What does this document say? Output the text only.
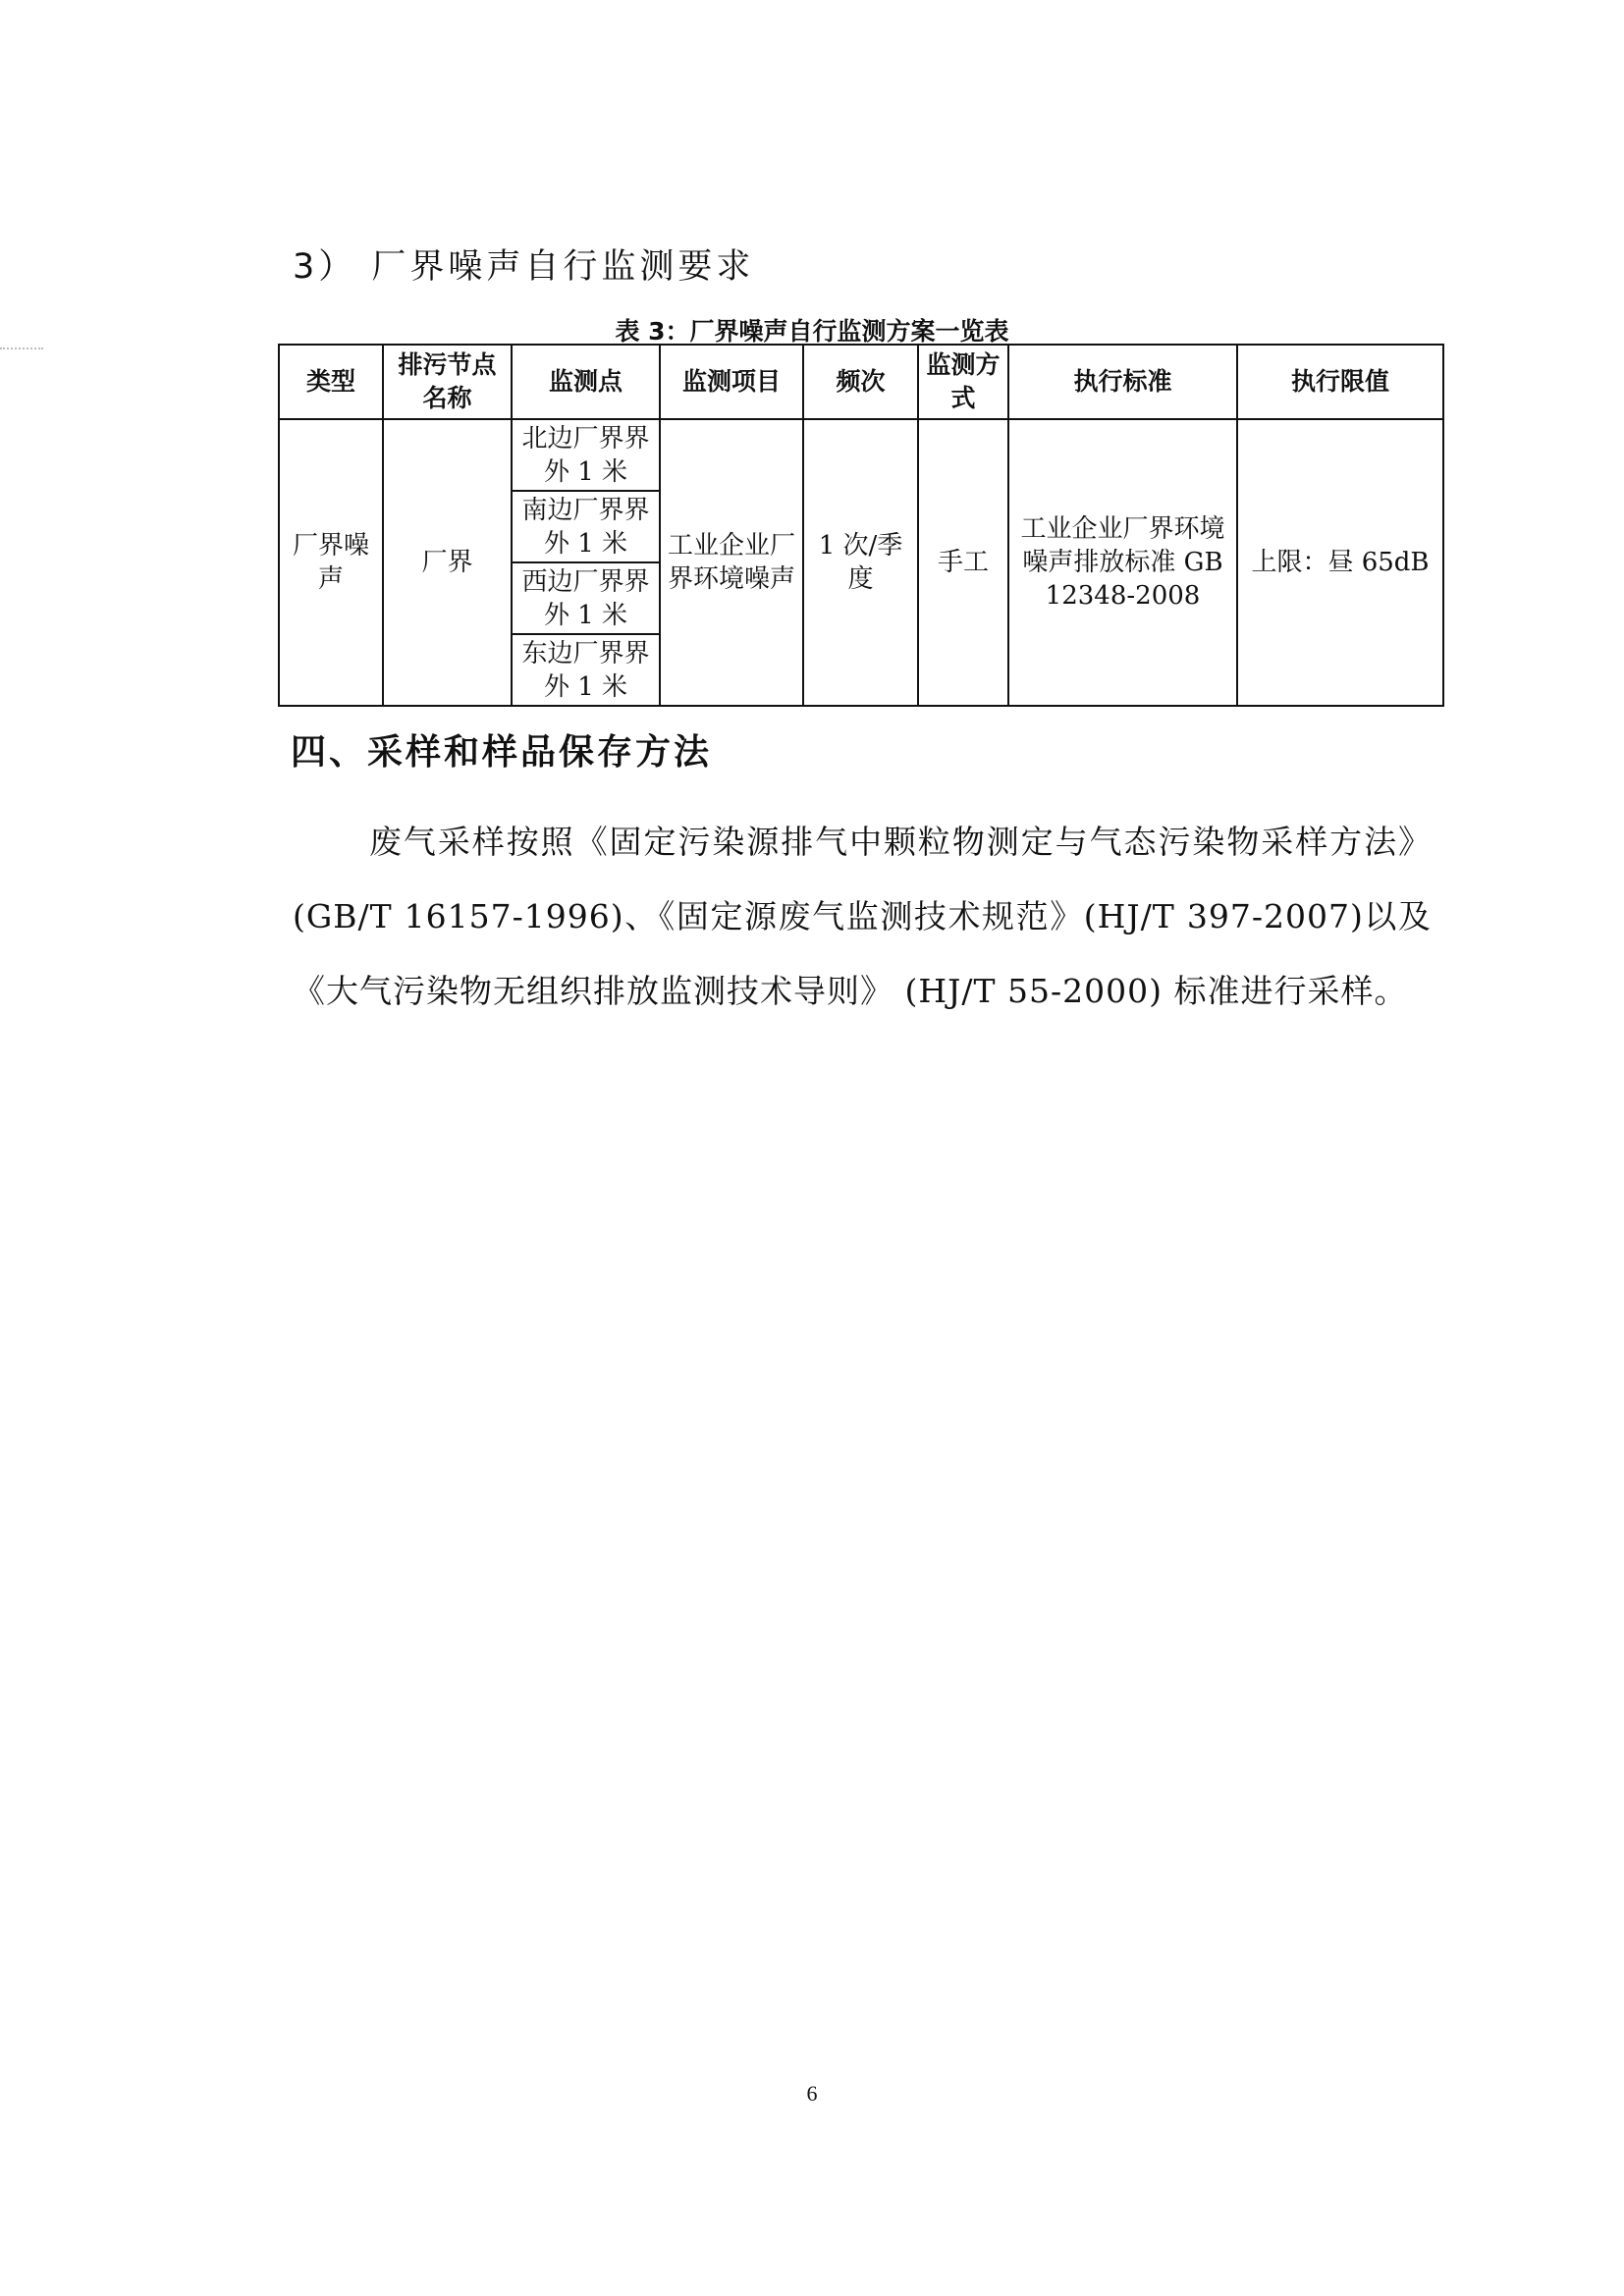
3） 厂界噪声自行监测要求
表 3：厂界噪声自行监测方案一览表
类型	排污节点名称	监测点	监测项目	频次	监测方式	执行标准	执行限值
厂界噪声	厂界	北边厂界界外 1 米	工业企业厂界环境噪声	1 次/季度	手工	工业企业厂界环境噪声排放标准 GB 12348-2008	上限：昼 65dB
		南边厂界界外 1 米					
		西边厂界界外 1 米					
		东边厂界界外 1 米					
四、采样和样品保存方法
废气采样按照《固定污染源排气中颗粒物测定与气态污染物采样方法》(GB/T 16157-1996)、《固定源废气监测技术规范》(HJ/T 397-2007)以及《大气污染物无组织排放监测技术导则》 (HJ/T 55-2000) 标准进行采样。
6
